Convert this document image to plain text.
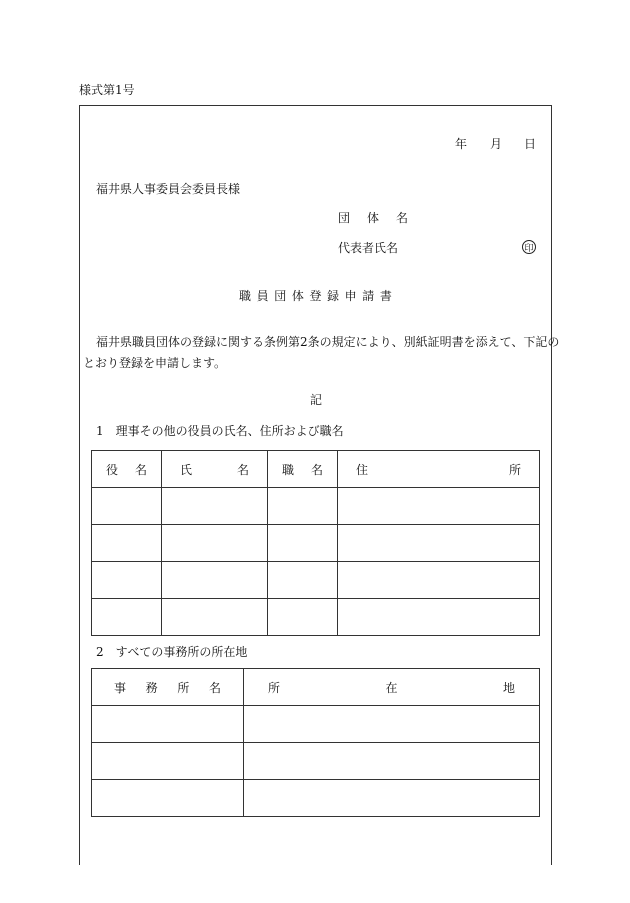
様式第1号
年 月 日
福井県人事委員会委員長様
団 体 名
代表者氏名	印
職 員 団 体 登 録 申 請 書
福井県職員団体の登録に関する条例第2条の規定により、別紙証明書を添えて、下記の
とおり登録を申請します。
記
1　理事その他の役員の氏名、住所および職名
役 名	氏 名	職 名	住 所

2　すべての事務所の所在地
事 務 所 名	所 在 地
